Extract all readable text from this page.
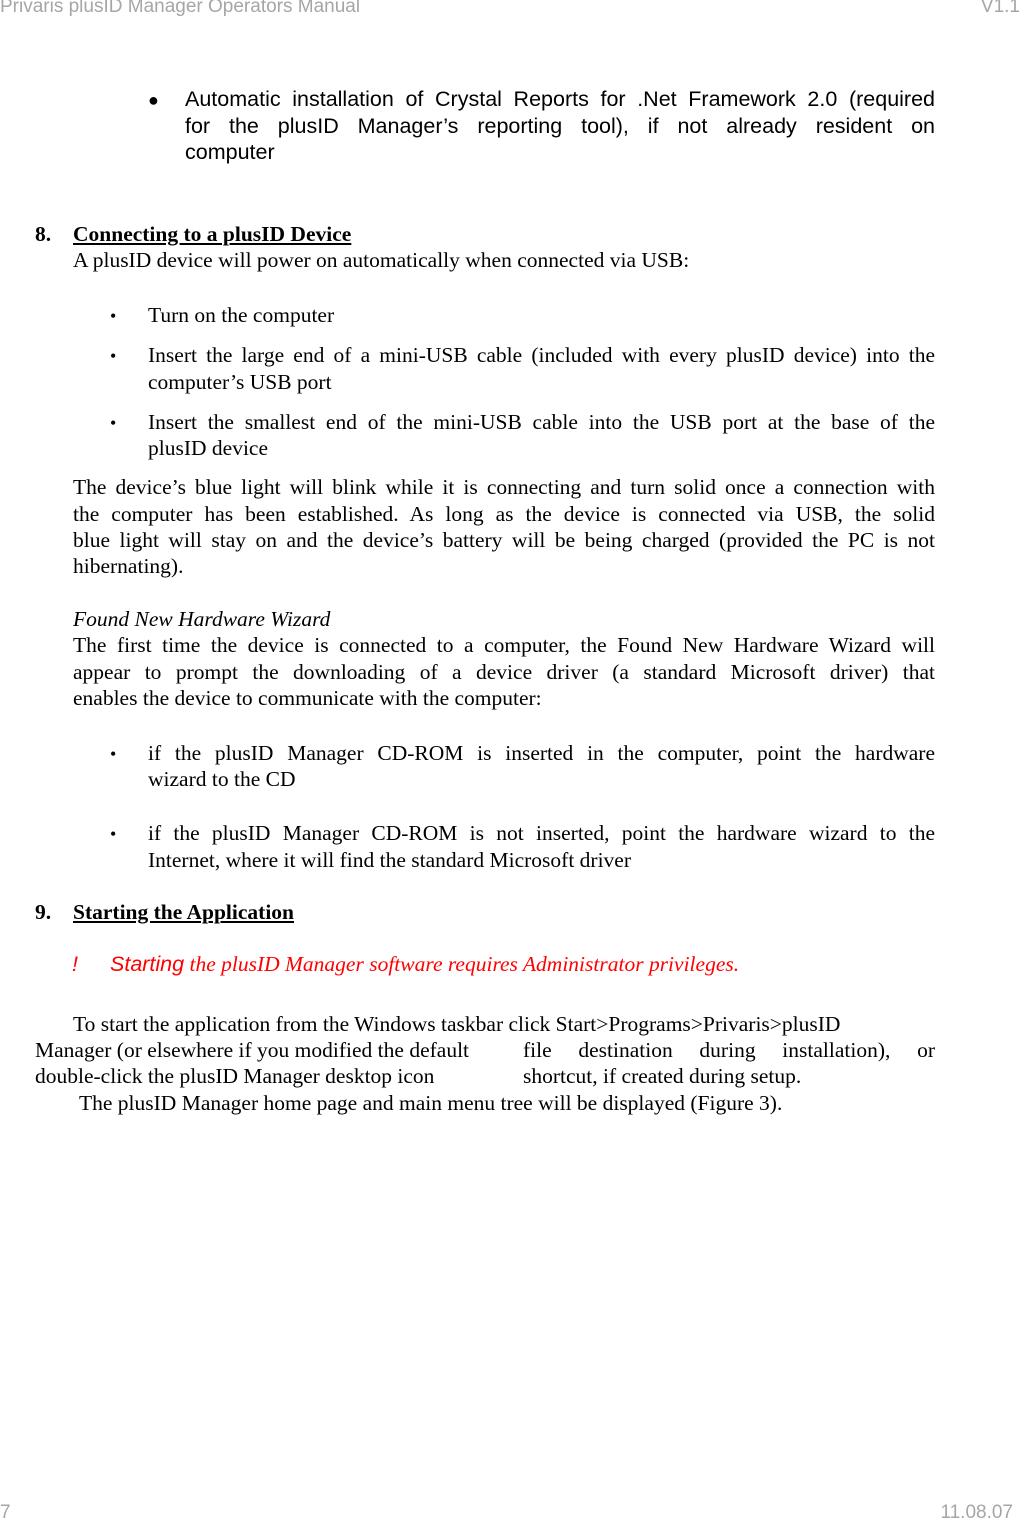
Privaris plusID Manager Operators Manual	V1.1
● Automatic installation of Crystal Reports for .Net Framework 2.0 (required
for the plusID Manager’s reporting tool), if not already resident on
computer
8. Connecting to a plusID Device
A plusID device will power on automatically when connected via USB:
• Turn on the computer
• Insert the large end of a mini-USB cable (included with every plusID device) into the
computer’s USB port
• Insert the smallest end of the mini-USB cable into the USB port at the base of the
plusID device
The device’s blue light will blink while it is connecting and turn solid once a connection with
the computer has been established. As long as the device is connected via USB, the solid
blue light will stay on and the device’s battery will be being charged (provided the PC is not
hibernating).
Found New Hardware Wizard
The first time the device is connected to a computer, the Found New Hardware Wizard will
appear to prompt the downloading of a device driver (a standard Microsoft driver) that
enables the device to communicate with the computer:
• if the plusID Manager CD-ROM is inserted in the computer, point the hardware
wizard to the CD
• if the plusID Manager CD-ROM is not inserted, point the hardware wizard to the
Internet, where it will find the standard Microsoft driver
9. Starting the Application
! Starting the plusID Manager software requires Administrator privileges.
To start the application from the Windows taskbar click Start>Programs>Privaris>plusID
Manager (or elsewhere if you modified the default	file destination during installation), or
double-click the plusID Manager desktop icon	shortcut, if created during setup.
The plusID Manager home page and main menu tree will be displayed (Figure 3).
7	11.08.07
